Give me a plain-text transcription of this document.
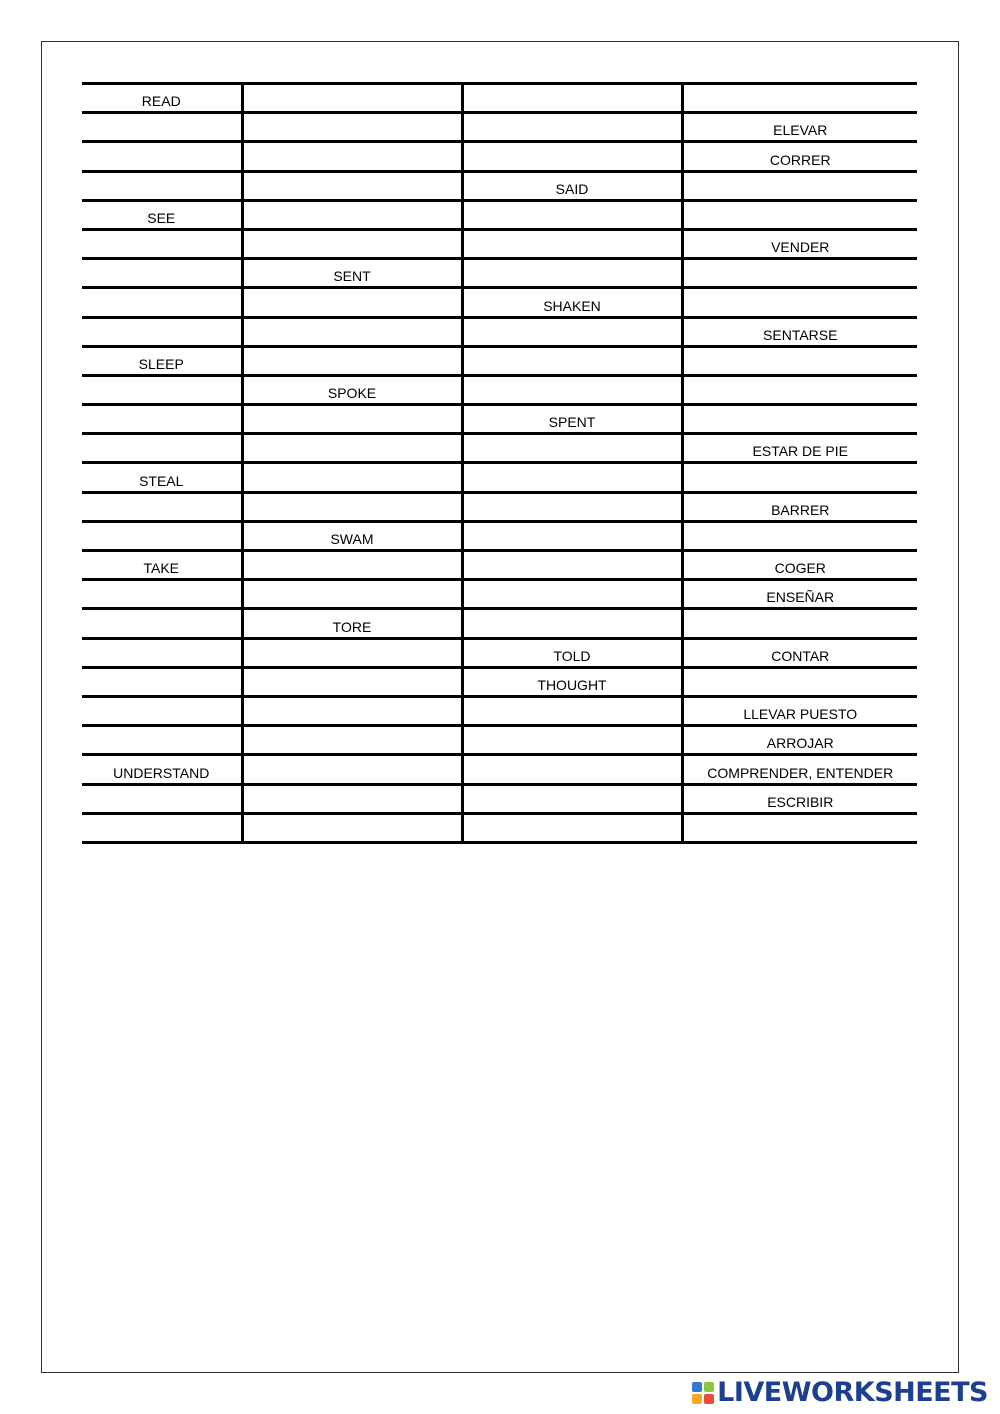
READ			
			ELEVAR
			CORRER
		SAID	
SEE			
			VENDER
	SENT		
		SHAKEN	
			SENTARSE
SLEEP			
	SPOKE		
		SPENT	
			ESTAR DE PIE
STEAL			
			BARRER
	SWAM		
TAKE			COGER
			ENSEÑAR
	TORE		
		TOLD	CONTAR
		THOUGHT	
			LLEVAR PUESTO
			ARROJAR
UNDERSTAND			COMPRENDER, ENTENDER
			ESCRIBIR

LIVEWORKSHEETS
